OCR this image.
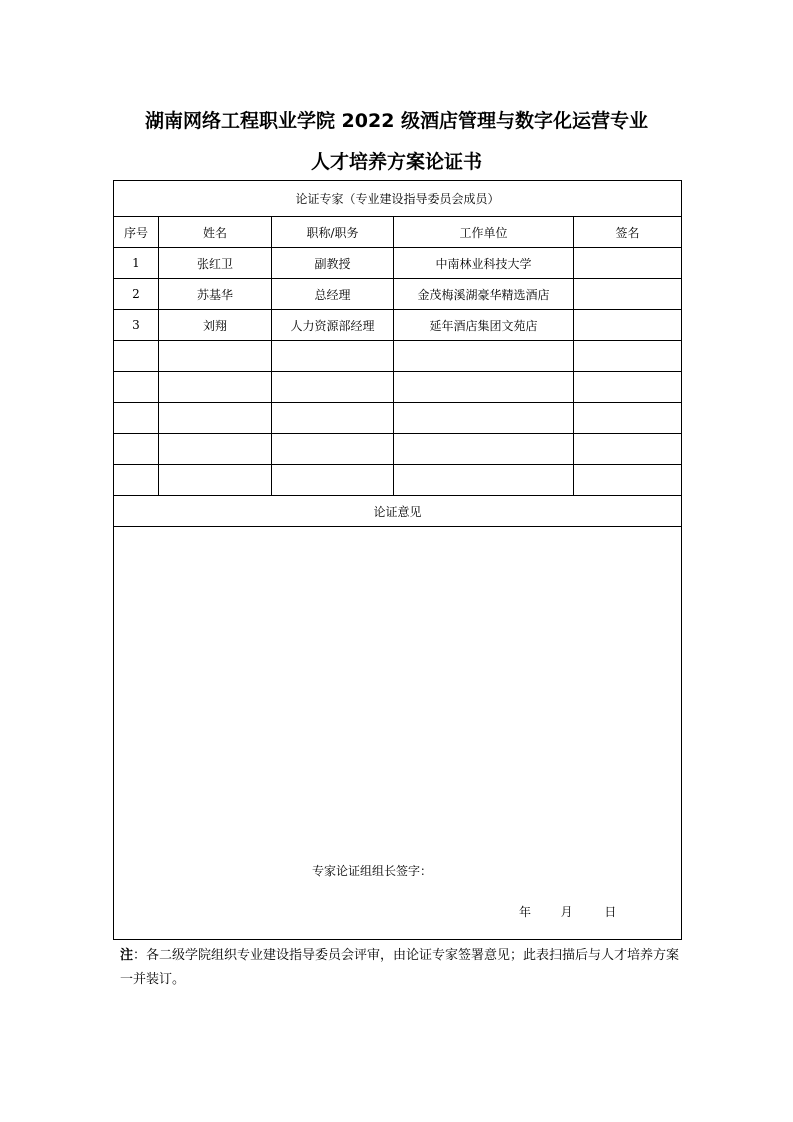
湖南网络工程职业学院 2022 级酒店管理与数字化运营专业
人才培养方案论证书
论证专家（专业建设指导委员会成员）				
序号	姓名	职称/职务	工作单位	签名
1	张红卫	副教授	中南林业科技大学	
2	苏基华	总经理	金茂梅溪湖豪华精选酒店	
3	刘翔	人力资源部经理	延年酒店集团文苑店	

论证意见				

专家论证组组长签字：
年 月 日				
注：各二级学院组织专业建设指导委员会评审，由论证专家签署意见；此表扫描后与人才培养方案一并装订。
